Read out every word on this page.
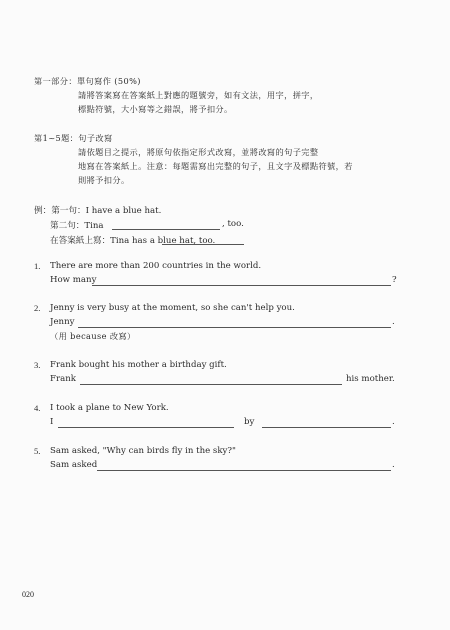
第一部分：單句寫作 (50%)
請將答案寫在答案紙上對應的題號旁，如有文法，用字，拼字，
標點符號，大小寫等之錯誤，將予扣分。
第1~5題：句子改寫
請依題目之提示，將原句依指定形式改寫，並將改寫的句子完整
地寫在答案紙上。注意：每題需寫出完整的句子，且文字及標點符號，若
則將予扣分。
例：第一句：I have a blue hat.
第二句：Tina	, too.
在答案紙上寫：Tina has a blue hat, too.
1. There are more than 200 countries in the world.
How many	?
2. Jenny is very busy at the moment, so she can't help you.
Jenny	.
（用 because 改寫）
3. Frank bought his mother a birthday gift.
Frank	his mother.
4. I took a plane to New York.
I	by	.
5. Sam asked, "Why can birds fly in the sky?"
Sam asked	.
020
